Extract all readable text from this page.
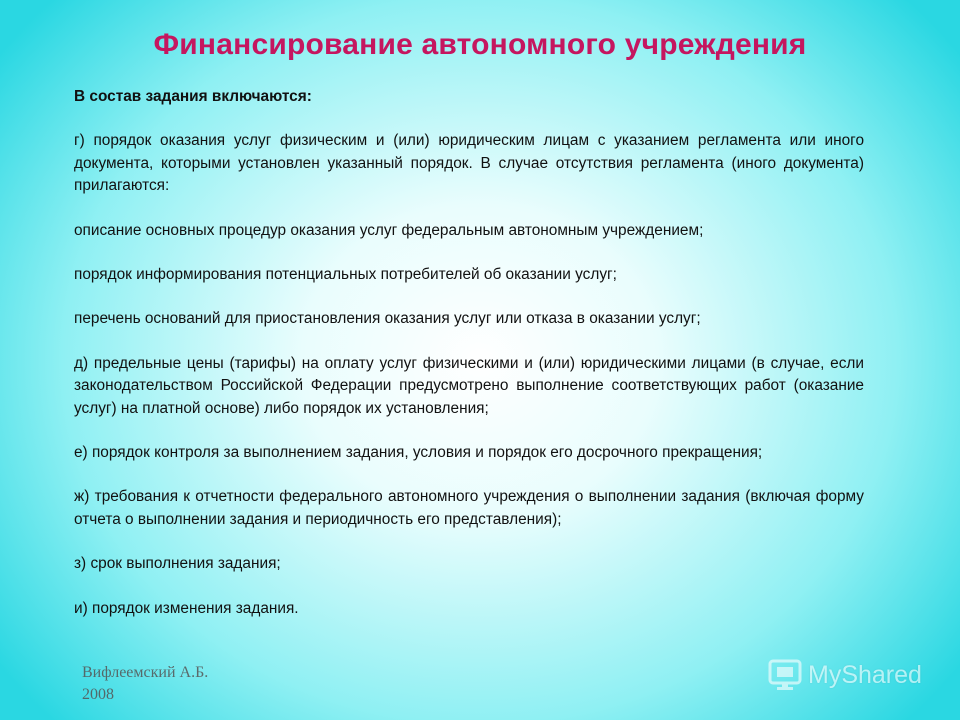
Финансирование автономного учреждения

В состав задания включаются:

г) порядок оказания услуг физическим и (или) юридическим лицам с указанием регламента или иного документа, которыми установлен указанный порядок. В случае отсутствия регламента (иного документа) прилагаются:

описание основных процедур оказания услуг федеральным автономным учреждением;

порядок информирования потенциальных потребителей об оказании услуг;

перечень оснований для приостановления оказания услуг или отказа в оказании услуг;

д) предельные цены (тарифы) на оплату услуг физическими и (или) юридическими лицами (в случае, если законодательством Российской Федерации предусмотрено выполнение соответствующих работ (оказание услуг) на платной основе) либо порядок их установления;

е) порядок контроля за выполнением задания, условия и порядок его досрочного прекращения;

ж) требования к отчетности федерального автономного учреждения о выполнении задания (включая форму отчета о выполнении задания и периодичность его представления);

з) срок выполнения задания;

и) порядок изменения задания.

Вифлеемский А.Б.
2008
MyShared
